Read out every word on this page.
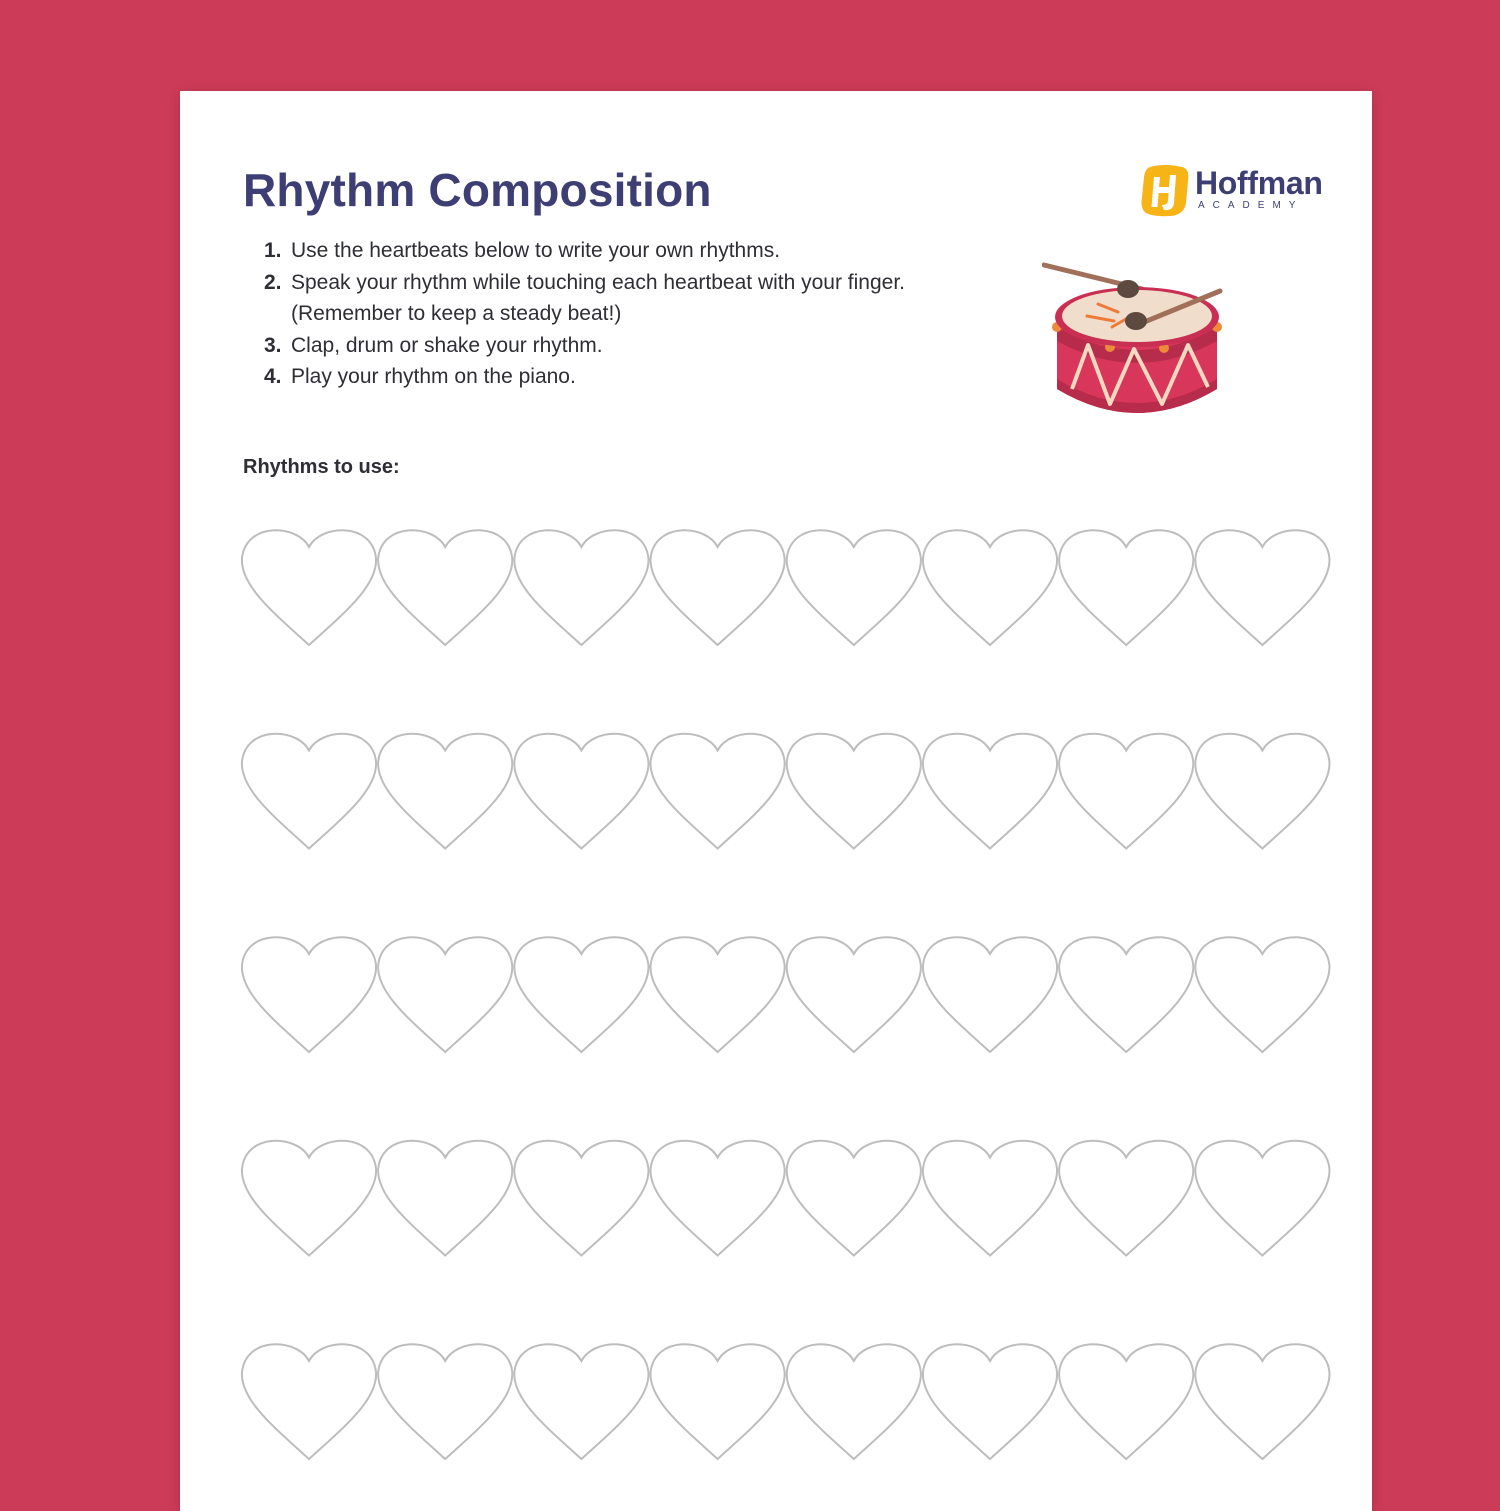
Rhythm Composition	Hoffman
ACADEMY
1. Use the heartbeats below to write your own rhythms.
2. Speak your rhythm while touching each heartbeat with your finger.
(Remember to keep a steady beat!)
3. Clap, drum or shake your rhythm.
4. Play your rhythm on the piano.
Rhythms to use:
